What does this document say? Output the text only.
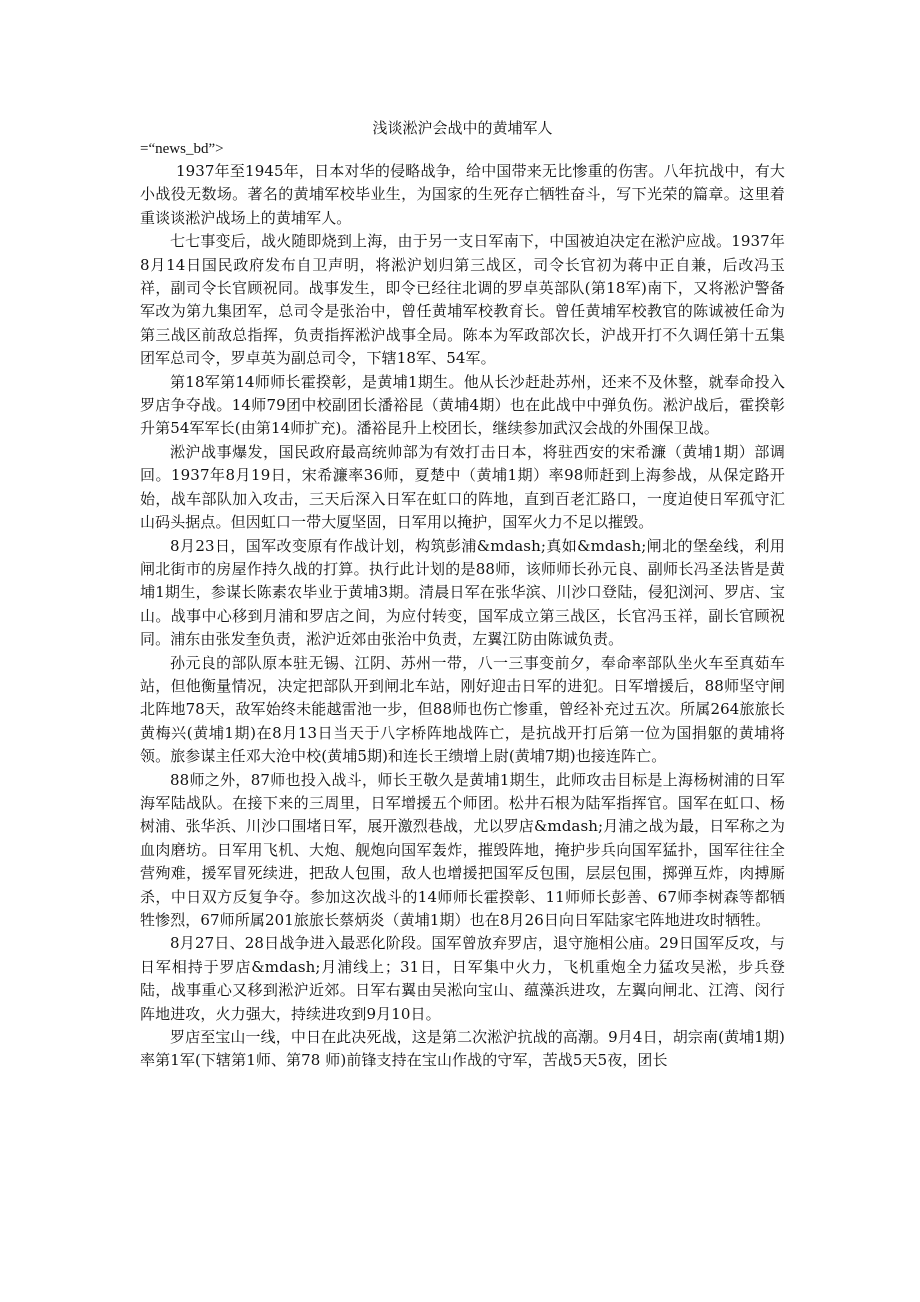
浅谈淞沪会战中的黄埔军人
=“news_bd”>

1937年至1945年，日本对华的侵略战争，给中国带来无比惨重的伤害。八年抗战中，有大小战役无数场。著名的黄埔军校毕业生，为国家的生死存亡牺牲奋斗，写下光荣的篇章。这里着重谈谈淞沪战场上的黄埔军人。

七七事变后，战火随即烧到上海，由于另一支日军南下，中国被迫决定在淞沪应战。1937年8月14日国民政府发布自卫声明，将淞沪划归第三战区，司令长官初为蒋中正自兼，后改冯玉祥，副司令长官顾祝同。战事发生，即令已经往北调的罗卓英部队(第18军)南下，又将淞沪警备军改为第九集团军，总司令是张治中，曾任黄埔军校教育长。曾任黄埔军校教官的陈诚被任命为第三战区前敌总指挥，负责指挥淞沪战事全局。陈本为军政部次长，沪战开打不久调任第十五集团军总司令，罗卓英为副总司令，下辖18军、54军。

第18军第14师师长霍揆彰，是黄埔1期生。他从长沙赶赴苏州，还来不及休整，就奉命投入罗店争夺战。14师79团中校副团长潘裕昆（黄埔4期）也在此战中中弹负伤。淞沪战后，霍揆彰升第54军军长(由第14师扩充)。潘裕昆升上校团长，继续参加武汉会战的外围保卫战。

淞沪战事爆发，国民政府最高统帅部为有效打击日本，将驻西安的宋希濂（黄埔1期）部调回。1937年8月19日，宋希濂率36师，夏楚中（黄埔1期）率98师赶到上海参战，从保定路开始，战车部队加入攻击，三天后深入日军在虹口的阵地，直到百老汇路口，一度迫使日军孤守汇山码头据点。但因虹口一带大厦坚固，日军用以掩护，国军火力不足以摧毁。

8月23日，国军改变原有作战计划，构筑彭浦&mdash;真如&mdash;闸北的堡垒线，利用闸北街市的房屋作持久战的打算。执行此计划的是88师，该师师长孙元良、副师长冯圣法皆是黄埔1期生，参谋长陈素农毕业于黄埔3期。清晨日军在张华滨、川沙口登陆，侵犯浏河、罗店、宝山。战事中心移到月浦和罗店之间，为应付转变，国军成立第三战区，长官冯玉祥，副长官顾祝同。浦东由张发奎负责，淞沪近郊由张治中负责，左翼江防由陈诚负责。

孙元良的部队原本驻无锡、江阴、苏州一带，八一三事变前夕，奉命率部队坐火车至真茹车站，但他衡量情况，决定把部队开到闸北车站，刚好迎击日军的进犯。日军增援后，88师坚守闸北阵地78天，敌军始终未能越雷池一步，但88师也伤亡惨重，曾经补充过五次。所属264旅旅长黄梅兴(黄埔1期)在8月13日当天于八字桥阵地战阵亡，是抗战开打后第一位为国捐躯的黄埔将领。旅参谋主任邓大沧中校(黄埔5期)和连长王缋增上尉(黄埔7期)也接连阵亡。

88师之外，87师也投入战斗，师长王敬久是黄埔1期生，此师攻击目标是上海杨树浦的日军海军陆战队。在接下来的三周里，日军增援五个师团。松井石根为陆军指挥官。国军在虹口、杨树浦、张华浜、川沙口围堵日军，展开激烈巷战，尤以罗店&mdash;月浦之战为最，日军称之为血肉磨坊。日军用飞机、大炮、舰炮向国军轰炸，摧毁阵地，掩护步兵向国军猛扑，国军往往全营殉难，援军冒死续进，把敌人包围，敌人也增援把国军反包围，层层包围，掷弹互炸，肉搏厮杀，中日双方反复争夺。参加这次战斗的14师师长霍揆彰、11师师长彭善、67师李树森等都牺牲惨烈，67师所属201旅旅长蔡炳炎（黄埔1期）也在8月26日向日军陆家宅阵地进攻时牺牲。

8月27日、28日战争进入最恶化阶段。国军曾放弃罗店，退守施相公庙。29日国军反攻，与日军相持于罗店&mdash;月浦线上；31日，日军集中火力，飞机重炮全力猛攻吴淞，步兵登陆，战事重心又移到淞沪近郊。日军右翼由吴淞向宝山、蕴藻浜进攻，左翼向闸北、江湾、闵行阵地进攻，火力强大，持续进攻到9月10日。

罗店至宝山一线，中日在此决死战，这是第二次淞沪抗战的高潮。9月4日，胡宗南(黄埔1期)率第1军(下辖第1师、第78 师)前锋支持在宝山作战的守军，苦战5天5夜，团长
